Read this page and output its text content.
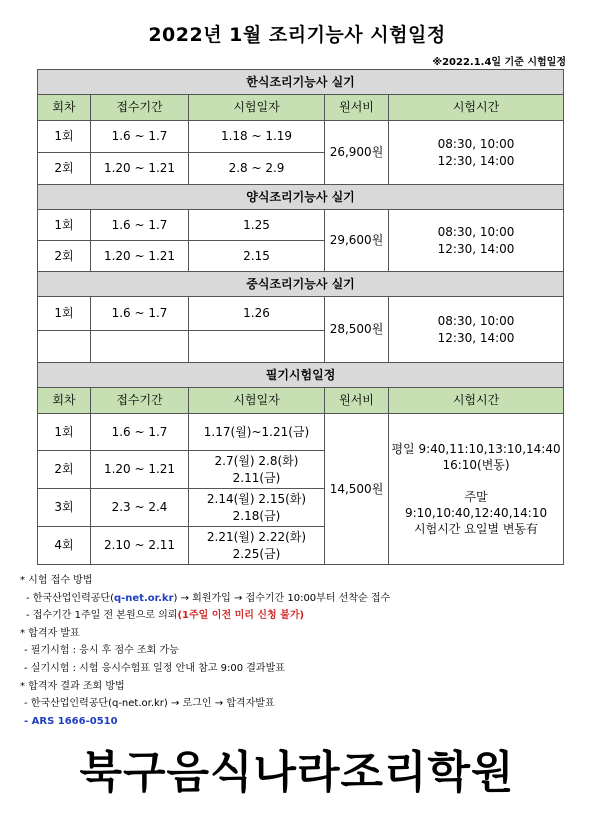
2022년 1월 조리기능사 시험일정
※2022.1.4일 기준 시험일정
한식조리기능사 실기				
회차	접수기간	시험일자	원서비	시험시간
1회	1.6 ~ 1.7	1.18 ~ 1.19	26,900원	08:30, 10:00
12:30, 14:00

2회	1.20 ~ 1.21	2.8 ~ 2.9		
양식조리기능사 실기				
1회	1.6 ~ 1.7	1.25	29,600원	08:30, 10:00
12:30, 14:00

2회	1.20 ~ 1.21	2.15		
중식조리기능사 실기				
1회	1.6 ~ 1.7	1.26	28,500원	08:30, 10:00
12:30, 14:00

필기시험일정				
회차	접수기간	시험일자	원서비	시험시간
1회	1.6 ~ 1.7	1.17(월)~1.21(금)	14,500원	평일 9:40,11:10,13:10,14:40
16:10(변동)
주말
9:10,10:40,12:40,14:10
시험시간 요일별 변동有

2회	1.20 ~ 1.21	2.7(월) 2.8(화)
2.11(금)		

3회	2.3 ~ 2.4	2.14(월) 2.15(화)
2.18(금)		

4회	2.10 ~ 2.11	2.21(월) 2.22(화)
2.25(금)		
* 시험 접수 방법
- 한국산업인력공단(q-net.or.kr) → 회원가입 → 접수기간 10:00부터 선착순 접수
- 접수기간 1주일 전 본원으로 의뢰(1주일 이전 미리 신청 불가)
* 합격자 발표
- 필기시험 : 응시 후 점수 조회 가능
- 실기시험 : 시험 응시수험표 일정 안내 참고 9:00 결과발표
* 합격자 결과 조회 방법
- 한국산업인력공단(q-net.or.kr) → 로그인 → 합격자발표
- ARS 1666-0510
북구음식나라조리학원
